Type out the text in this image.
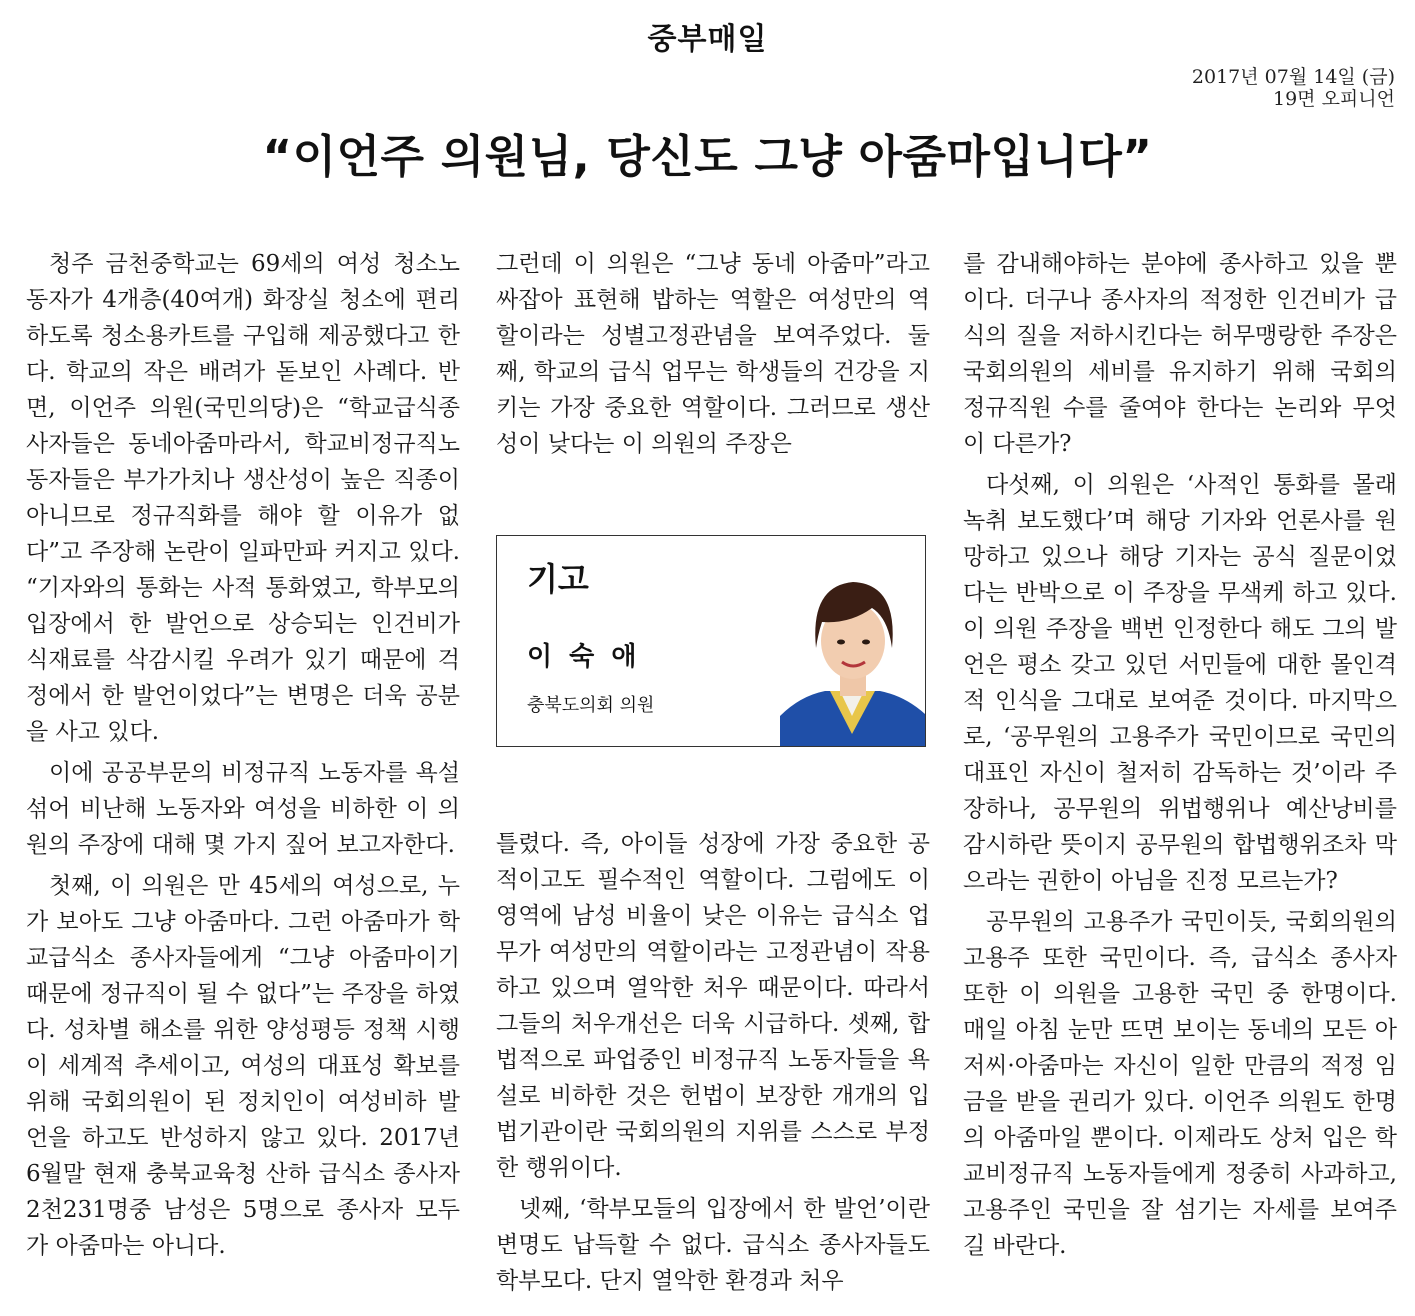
중부매일
2017년 07월 14일 (금)
19면 오피니언
“이언주 의원님, 당신도 그냥 아줌마입니다”

청주 금천중학교는 69세의 여성 청소노동자가 4개층(40여개) 화장실 청소에 편리하도록 청소용카트를 구입해 제공했다고 한다. 학교의 작은 배려가 돋보인 사례다. 반면, 이언주 의원(국민의당)은 “학교급식종사자들은 동네아줌마라서, 학교비정규직노동자들은 부가가치나 생산성이 높은 직종이 아니므로 정규직화를 해야 할 이유가 없다”고 주장해 논란이 일파만파 커지고 있다. “기자와의 통화는 사적 통화였고, 학부모의 입장에서 한 발언으로 상승되는 인건비가 식재료를 삭감시킬 우려가 있기 때문에 걱정에서 한 발언이었다”는 변명은 더욱 공분을 사고 있다.

이에 공공부문의 비정규직 노동자를 욕설 섞어 비난해 노동자와 여성을 비하한 이 의원의 주장에 대해 몇 가지 짚어 보고자한다.

첫째, 이 의원은 만 45세의 여성으로, 누가 보아도 그냥 아줌마다. 그런 아줌마가 학교급식소 종사자들에게 “그냥 아줌마이기 때문에 정규직이 될 수 없다”는 주장을 하였다. 성차별 해소를 위한 양성평등 정책 시행이 세계적 추세이고, 여성의 대표성 확보를 위해 국회의원이 된 정치인이 여성비하 발언을 하고도 반성하지 않고 있다. 2017년 6월말 현재 충북교육청 산하 급식소 종사자 2천231명중 남성은 5명으로 종사자 모두가 아줌마는 아니다.

그런데 이 의원은 “그냥 동네 아줌마”라고 싸잡아 표현해 밥하는 역할은 여성만의 역할이라는 성별고정관념을 보여주었다. 둘째, 학교의 급식 업무는 학생들의 건강을 지키는 가장 중요한 역할이다. 그러므로 생산성이 낮다는 이 의원의 주장은

기고
이 숙 애
충북도의회 의원

틀렸다. 즉, 아이들 성장에 가장 중요한 공적이고도 필수적인 역할이다. 그럼에도 이 영역에 남성 비율이 낮은 이유는 급식소 업무가 여성만의 역할이라는 고정관념이 작용하고 있으며 열악한 처우 때문이다. 따라서 그들의 처우개선은 더욱 시급하다. 셋째, 합법적으로 파업중인 비정규직 노동자들을 욕설로 비하한 것은 헌법이 보장한 개개의 입법기관이란 국회의원의 지위를 스스로 부정한 행위이다.

넷째, ‘학부모들의 입장에서 한 발언’이란 변명도 납득할 수 없다. 급식소 종사자들도 학부모다. 단지 열악한 환경과 처우

를 감내해야하는 분야에 종사하고 있을 뿐이다. 더구나 종사자의 적정한 인건비가 급식의 질을 저하시킨다는 허무맹랑한 주장은 국회의원의 세비를 유지하기 위해 국회의 정규직원 수를 줄여야 한다는 논리와 무엇이 다른가?

다섯째, 이 의원은 ‘사적인 통화를 몰래 녹취 보도했다’며 해당 기자와 언론사를 원망하고 있으나 해당 기자는 공식 질문이었다는 반박으로 이 주장을 무색케 하고 있다. 이 의원 주장을 백번 인정한다 해도 그의 발언은 평소 갖고 있던 서민들에 대한 몰인격적 인식을 그대로 보여준 것이다. 마지막으로, ‘공무원의 고용주가 국민이므로 국민의 대표인 자신이 철저히 감독하는 것’이라 주장하나, 공무원의 위법행위나 예산낭비를 감시하란 뜻이지 공무원의 합법행위조차 막으라는 권한이 아님을 진정 모르는가?

공무원의 고용주가 국민이듯, 국회의원의 고용주 또한 국민이다. 즉, 급식소 종사자 또한 이 의원을 고용한 국민 중 한명이다. 매일 아침 눈만 뜨면 보이는 동네의 모든 아저씨·아줌마는 자신이 일한 만큼의 적정 임금을 받을 권리가 있다. 이언주 의원도 한명의 아줌마일 뿐이다. 이제라도 상처 입은 학교비정규직 노동자들에게 정중히 사과하고, 고용주인 국민을 잘 섬기는 자세를 보여주길 바란다.
